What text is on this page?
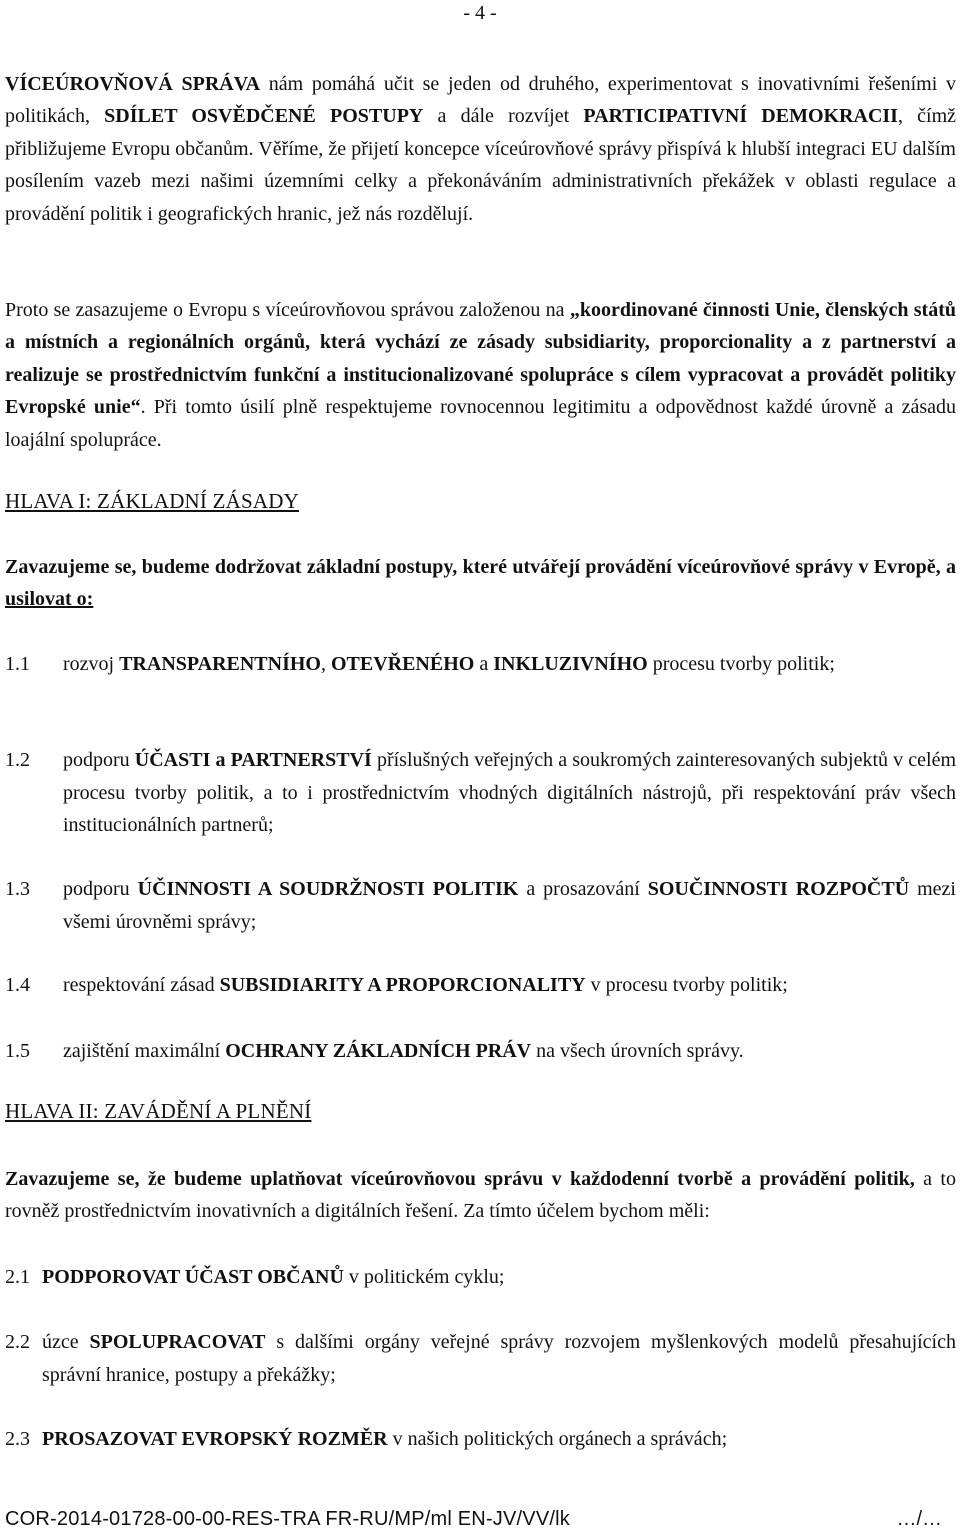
- 4 -

VÍCEÚROVŇOVÁ SPRÁVA nám pomáhá učit se jeden od druhého, experimentovat s inovativními řešeními v politikách, SDÍLET OSVĚDČENÉ POSTUPY a dále rozvíjet PARTICIPATIVNÍ DEMOKRACII, čímž přibližujeme Evropu občanům. Věříme, že přijetí koncepce víceúrovňové správy přispívá k hlubší integraci EU dalším posílením vazeb mezi našimi územními celky a překonáváním administrativních překážek v oblasti regulace a provádění politik i geografických hranic, jež nás rozdělují.

Proto se zasazujeme o Evropu s víceúrovňovou správou založenou na „koordinované činnosti Unie, členských států a místních a regionálních orgánů, která vychází ze zásady subsidiarity, proporcionality a z partnerství a realizuje se prostřednictvím funkční a institucionalizované spolupráce s cílem vypracovat a provádět politiky Evropské unie“. Při tomto úsilí plně respektujeme rovnocennou legitimitu a odpovědnost každé úrovně a zásadu loajální spolupráce.

HLAVA I: ZÁKLADNÍ ZÁSADY

Zavazujeme se, budeme dodržovat základní postupy, které utvářejí provádění víceúrovňové správy v Evropě, a usilovat o:

1.1	rozvoj TRANSPARENTNÍHO, OTEVŘENÉHO a INKLUZIVNÍHO procesu tvorby politik;
1.2	podporu ÚČASTI a PARTNERSTVÍ příslušných veřejných a soukromých zainteresovaných subjektů v celém procesu tvorby politik, a to i prostřednictvím vhodných digitálních nástrojů, při respektování práv všech institucionálních partnerů;
1.3	podporu ÚČINNOSTI A SOUDRŽNOSTI POLITIK a prosazování SOUČINNOSTI ROZPOČTŮ mezi všemi úrovněmi správy;
1.4	respektování zásad SUBSIDIARITY A PROPORCIONALITY v procesu tvorby politik;
1.5	zajištění maximální OCHRANY ZÁKLADNÍCH PRÁV na všech úrovních správy.
HLAVA II: ZAVÁDĚNÍ A PLNĚNÍ

Zavazujeme se, že budeme uplatňovat víceúrovňovou správu v každodenní tvorbě a provádění politik, a to rovněž prostřednictvím inovativních a digitálních řešení. Za tímto účelem bychom měli:

2.1 PODPOROVAT ÚČAST OBČANŮ v politickém cyklu;
2.2 úzce SPOLUPRACOVAT s dalšími orgány veřejné správy rozvojem myšlenkových modelů přesahujících správní hranice, postupy a překážky;
2.3 PROSAZOVAT EVROPSKÝ ROZMĚR v našich politických orgánech a správách;
COR-2014-01728-00-00-RES-TRA FR-RU/MP/ml EN-JV/VV/lk	…/…
